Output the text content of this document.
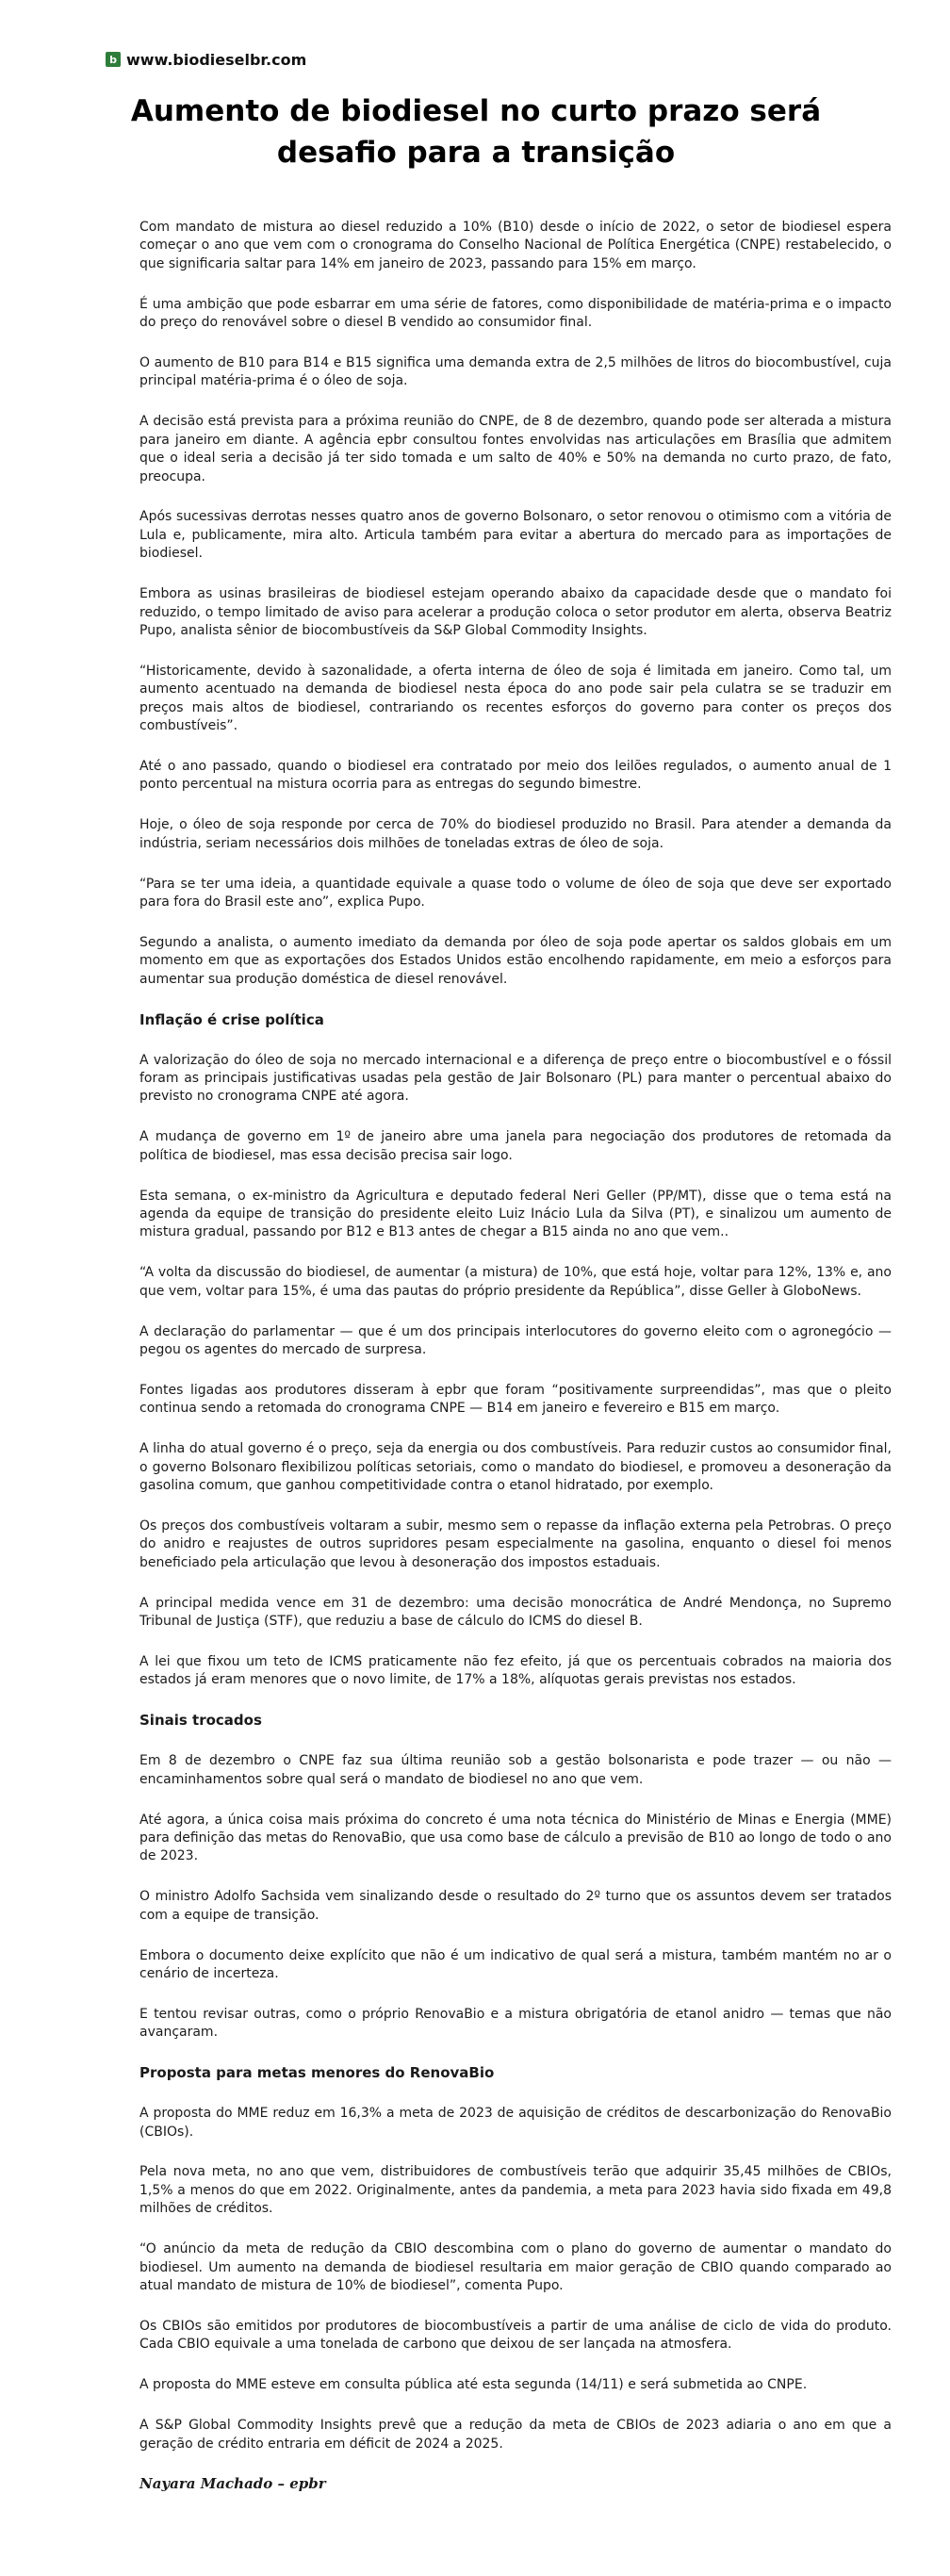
b www.biodieselbr.com
Aumento de biodiesel no curto prazo será desafio para a transição

Com mandato de mistura ao diesel reduzido a 10% (B10) desde o início de 2022, o setor de biodiesel espera começar o ano que vem com o cronograma do Conselho Nacional de Política Energética (CNPE) restabelecido, o que significaria saltar para 14% em janeiro de 2023, passando para 15% em março.

É uma ambição que pode esbarrar em uma série de fatores, como disponibilidade de matéria-prima e o impacto do preço do renovável sobre o diesel B vendido ao consumidor final.

O aumento de B10 para B14 e B15 significa uma demanda extra de 2,5 milhões de litros do biocombustível, cuja principal matéria-prima é o óleo de soja.

A decisão está prevista para a próxima reunião do CNPE, de 8 de dezembro, quando pode ser alterada a mistura para janeiro em diante. A agência epbr consultou fontes envolvidas nas articulações em Brasília que admitem que o ideal seria a decisão já ter sido tomada e um salto de 40% e 50% na demanda no curto prazo, de fato, preocupa.

Após sucessivas derrotas nesses quatro anos de governo Bolsonaro, o setor renovou o otimismo com a vitória de Lula e, publicamente, mira alto. Articula também para evitar a abertura do mercado para as importações de biodiesel.

Embora as usinas brasileiras de biodiesel estejam operando abaixo da capacidade desde que o mandato foi reduzido, o tempo limitado de aviso para acelerar a produção coloca o setor produtor em alerta, observa Beatriz Pupo, analista sênior de biocombustíveis da S&P Global Commodity Insights.

“Historicamente, devido à sazonalidade, a oferta interna de óleo de soja é limitada em janeiro. Como tal, um aumento acentuado na demanda de biodiesel nesta época do ano pode sair pela culatra se se traduzir em preços mais altos de biodiesel, contrariando os recentes esforços do governo para conter os preços dos combustíveis”.

Até o ano passado, quando o biodiesel era contratado por meio dos leilões regulados, o aumento anual de 1 ponto percentual na mistura ocorria para as entregas do segundo bimestre.

Hoje, o óleo de soja responde por cerca de 70% do biodiesel produzido no Brasil. Para atender a demanda da indústria, seriam necessários dois milhões de toneladas extras de óleo de soja.

“Para se ter uma ideia, a quantidade equivale a quase todo o volume de óleo de soja que deve ser exportado para fora do Brasil este ano”, explica Pupo.

Segundo a analista, o aumento imediato da demanda por óleo de soja pode apertar os saldos globais em um momento em que as exportações dos Estados Unidos estão encolhendo rapidamente, em meio a esforços para aumentar sua produção doméstica de diesel renovável.

Inflação é crise política

A valorização do óleo de soja no mercado internacional e a diferença de preço entre o biocombustível e o fóssil foram as principais justificativas usadas pela gestão de Jair Bolsonaro (PL) para manter o percentual abaixo do previsto no cronograma CNPE até agora.

A mudança de governo em 1º de janeiro abre uma janela para negociação dos produtores de retomada da política de biodiesel, mas essa decisão precisa sair logo.

Esta semana, o ex-ministro da Agricultura e deputado federal Neri Geller (PP/MT), disse que o tema está na agenda da equipe de transição do presidente eleito Luiz Inácio Lula da Silva (PT), e sinalizou um aumento de mistura gradual, passando por B12 e B13 antes de chegar a B15 ainda no ano que vem..

“A volta da discussão do biodiesel, de aumentar (a mistura) de 10%, que está hoje, voltar para 12%, 13% e, ano que vem, voltar para 15%, é uma das pautas do próprio presidente da República”, disse Geller à GloboNews.

A declaração do parlamentar — que é um dos principais interlocutores do governo eleito com o agronegócio — pegou os agentes do mercado de surpresa.

Fontes ligadas aos produtores disseram à epbr que foram “positivamente surpreendidas”, mas que o pleito continua sendo a retomada do cronograma CNPE — B14 em janeiro e fevereiro e B15 em março.

A linha do atual governo é o preço, seja da energia ou dos combustíveis. Para reduzir custos ao consumidor final, o governo Bolsonaro flexibilizou políticas setoriais, como o mandato do biodiesel, e promoveu a desoneração da gasolina comum, que ganhou competitividade contra o etanol hidratado, por exemplo.

Os preços dos combustíveis voltaram a subir, mesmo sem o repasse da inflação externa pela Petrobras. O preço do anidro e reajustes de outros supridores pesam especialmente na gasolina, enquanto o diesel foi menos beneficiado pela articulação que levou à desoneração dos impostos estaduais.

A principal medida vence em 31 de dezembro: uma decisão monocrática de André Mendonça, no Supremo Tribunal de Justiça (STF), que reduziu a base de cálculo do ICMS do diesel B.

A lei que fixou um teto de ICMS praticamente não fez efeito, já que os percentuais cobrados na maioria dos estados já eram menores que o novo limite, de 17% a 18%, alíquotas gerais previstas nos estados.

Sinais trocados

Em 8 de dezembro o CNPE faz sua última reunião sob a gestão bolsonarista e pode trazer — ou não — encaminhamentos sobre qual será o mandato de biodiesel no ano que vem.

Até agora, a única coisa mais próxima do concreto é uma nota técnica do Ministério de Minas e Energia (MME) para definição das metas do RenovaBio, que usa como base de cálculo a previsão de B10 ao longo de todo o ano de 2023.

O ministro Adolfo Sachsida vem sinalizando desde o resultado do 2º turno que os assuntos devem ser tratados com a equipe de transição.

Embora o documento deixe explícito que não é um indicativo de qual será a mistura, também mantém no ar o cenário de incerteza.

E tentou revisar outras, como o próprio RenovaBio e a mistura obrigatória de etanol anidro — temas que não avançaram.

Proposta para metas menores do RenovaBio

A proposta do MME reduz em 16,3% a meta de 2023 de aquisição de créditos de descarbonização do RenovaBio (CBIOs).

Pela nova meta, no ano que vem, distribuidores de combustíveis terão que adquirir 35,45 milhões de CBIOs, 1,5% a menos do que em 2022. Originalmente, antes da pandemia, a meta para 2023 havia sido fixada em 49,8 milhões de créditos.

“O anúncio da meta de redução da CBIO descombina com o plano do governo de aumentar o mandato do biodiesel. Um aumento na demanda de biodiesel resultaria em maior geração de CBIO quando comparado ao atual mandato de mistura de 10% de biodiesel”, comenta Pupo.

Os CBIOs são emitidos por produtores de biocombustíveis a partir de uma análise de ciclo de vida do produto. Cada CBIO equivale a uma tonelada de carbono que deixou de ser lançada na atmosfera.

A proposta do MME esteve em consulta pública até esta segunda (14/11) e será submetida ao CNPE.

A S&P Global Commodity Insights prevê que a redução da meta de CBIOs de 2023 adiaria o ano em que a geração de crédito entraria em déficit de 2024 a 2025.

Nayara Machado – epbr
